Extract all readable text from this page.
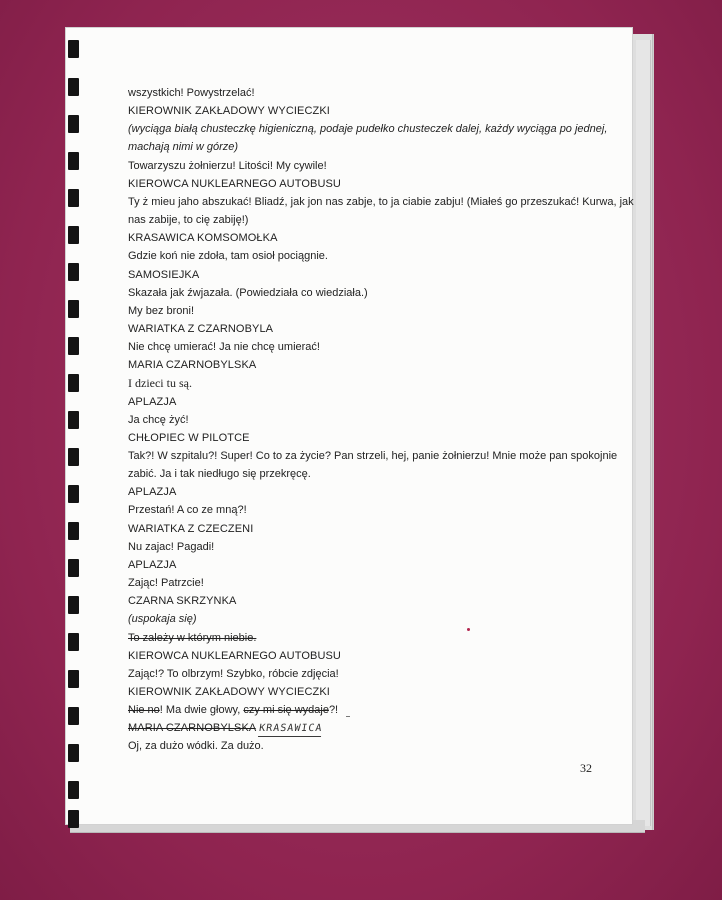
wszystkich! Powystrzelać!
KIEROWNIK ZAKŁADOWY WYCIECZKI
(wyciąga białą chusteczkę higieniczną, podaje pudełko chusteczek dalej, każdy wyciąga po jednej,
machają nimi w górze)
Towarzyszu żołnierzu! Litości! My cywile!
KIEROWCA NUKLEARNEGO AUTOBUSU
Ty ż mieu jaho abszukać! Bliadź, jak jon nas zabje, to ja ciabie zabju! (Miałeś go przeszukać! Kurwa, jak
nas zabije, to cię zabiję!)
KRASAWICA KOMSOMOŁKA
Gdzie koń nie zdoła, tam osioł pociągnie.
SAMOSIEJKA
Skazała jak źwjazała. (Powiedziała co wiedziała.)
My bez broni!
WARIATKA Z CZARNOBYLA
Nie chcę umierać! Ja nie chcę umierać!
MARIA CZARNOBYLSKA
I dzieci tu są.
APLAZJA
Ja chcę żyć!
CHŁOPIEC W PILOTCE
Tak?! W szpitalu?! Super! Co to za życie? Pan strzeli, hej, panie żołnierzu! Mnie może pan spokojnie
zabić. Ja i tak niedługo się przekręcę.
APLAZJA
Przestań! A co ze mną?!
WARIATKA Z CZECZENI
Nu zajac! Pagadi!
APLAZJA
Zając! Patrzcie!
CZARNA SKRZYNKA
(uspokaja się)
To zależy w którym niebie.
KIEROWCA NUKLEARNEGO AUTOBUSU
Zając!? To olbrzym! Szybko, róbcie zdjęcia!
KIEROWNIK ZAKŁADOWY WYCIECZKI
Nie no! Ma dwie głowy, czy mi się wydaje?!
MARIA CZARNOBYLSKA KRASAWICA
Oj, za dużo wódki. Za dużo.
32
